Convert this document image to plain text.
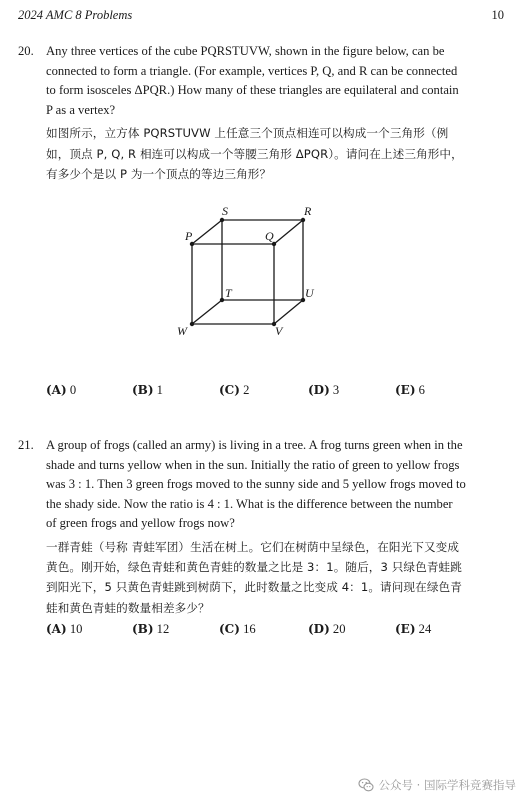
2024 AMC 8 Problems	10
20. Any three vertices of the cube PQRSTUVW, shown in the figure below, can be

connected to form a triangle. (For example, vertices P, Q, and R can be connected

to form isosceles ΔPQR.) How many of these triangles are equilateral and contain

P as a vertex?

如图所示，立方体 PQRSTUVW 上任意三个顶点相连可以构成一个三角形（例

如，顶点 P, Q, R 相连可以构成一个等腰三角形 ΔPQR）。请问在上述三角形中，

有多少个是以 P 为一个顶点的等边三角形？

S	R
P	Q
T	U
W	V
(A) 0	(B) 1	(C) 2	(D) 3	(E) 6
21. A group of frogs (called an army) is living in a tree. A frog turns green when in the

shade and turns yellow when in the sun. Initially the ratio of green to yellow frogs

was 3 : 1. Then 3 green frogs moved to the sunny side and 5 yellow frogs moved to

the shady side. Now the ratio is 4 : 1. What is the difference between the number

of green frogs and yellow frogs now?

一群青蛙（号称 青蛙军团）生活在树上。它们在树荫中呈绿色，在阳光下又变成

黄色。刚开始，绿色青蛙和黄色青蛙的数量之比是 3：1。随后，3 只绿色青蛙跳

到阳光下，5 只黄色青蛙跳到树荫下，此时数量之比变成 4：1。请问现在绿色青

蛙和黄色青蛙的数量相差多少？

(A) 10	(B) 12	(C) 16	(D) 20	(E) 24
公众号 · 国际学科竞赛指导
